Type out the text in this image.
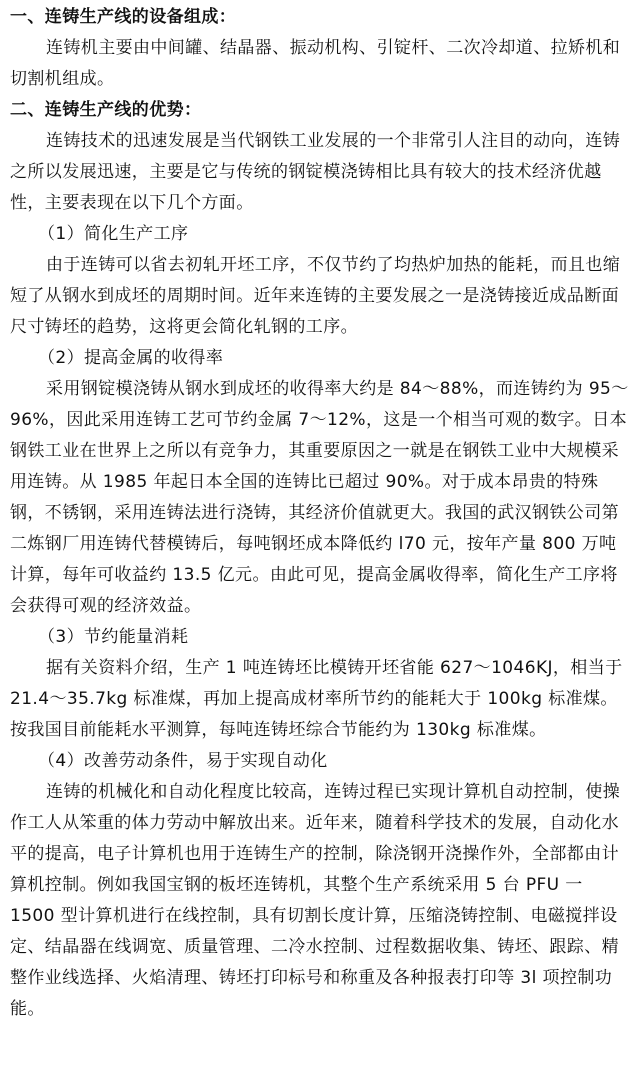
一、连铸生产线的设备组成：

连铸机主要由中间罐、结晶器、振动机构、引锭杆、二次冷却道、拉矫机和切割机组成。

二、连铸生产线的优势：

连铸技术的迅速发展是当代钢铁工业发展的一个非常引人注目的动向，连铸之所以发展迅速，主要是它与传统的钢锭模浇铸相比具有较大的技术经济优越性，主要表现在以下几个方面。

（1）简化生产工序

由于连铸可以省去初轧开坯工序，不仅节约了均热炉加热的能耗，而且也缩短了从钢水到成坯的周期时间。近年来连铸的主要发展之一是浇铸接近成品断面尺寸铸坯的趋势，这将更会简化轧钢的工序。

（2）提高金属的收得率

采用钢锭模浇铸从钢水到成坯的收得率大约是 84～88%，而连铸约为 95～96%，因此采用连铸工艺可节约金属 7～12%，这是一个相当可观的数字。日本钢铁工业在世界上之所以有竞争力，其重要原因之一就是在钢铁工业中大规模采用连铸。从 1985 年起日本全国的连铸比已超过 90%。对于成本昂贵的特殊钢，不锈钢，采用连铸法进行浇铸，其经济价值就更大。我国的武汉钢铁公司第二炼钢厂用连铸代替模铸后，每吨钢坯成本降低约 l70 元，按年产量 800 万吨计算，每年可收益约 13.5 亿元。由此可见，提高金属收得率，简化生产工序将会获得可观的经济效益。

（3）节约能量消耗

据有关资料介绍，生产 1 吨连铸坯比模铸开坯省能 627～1046KJ，相当于 21.4～35.7kg 标准煤，再加上提高成材率所节约的能耗大于 100kg 标准煤。按我国目前能耗水平测算，每吨连铸坯综合节能约为 130kg 标准煤。

（4）改善劳动条件，易于实现自动化

连铸的机械化和自动化程度比较高，连铸过程已实现计算机自动控制，使操作工人从笨重的体力劳动中解放出来。近年来，随着科学技术的发展，自动化水平的提高，电子计算机也用于连铸生产的控制，除浇钢开浇操作外，全部都由计算机控制。例如我国宝钢的板坯连铸机，其整个生产系统采用 5 台 PFU 一 1500 型计算机进行在线控制，具有切割长度计算，压缩浇铸控制、电磁搅拌设定、结晶器在线调宽、质量管理、二冷水控制、过程数据收集、铸坯、跟踪、精整作业线选择、火焰清理、铸坯打印标号和称重及各种报表打印等 3l 项控制功能。
